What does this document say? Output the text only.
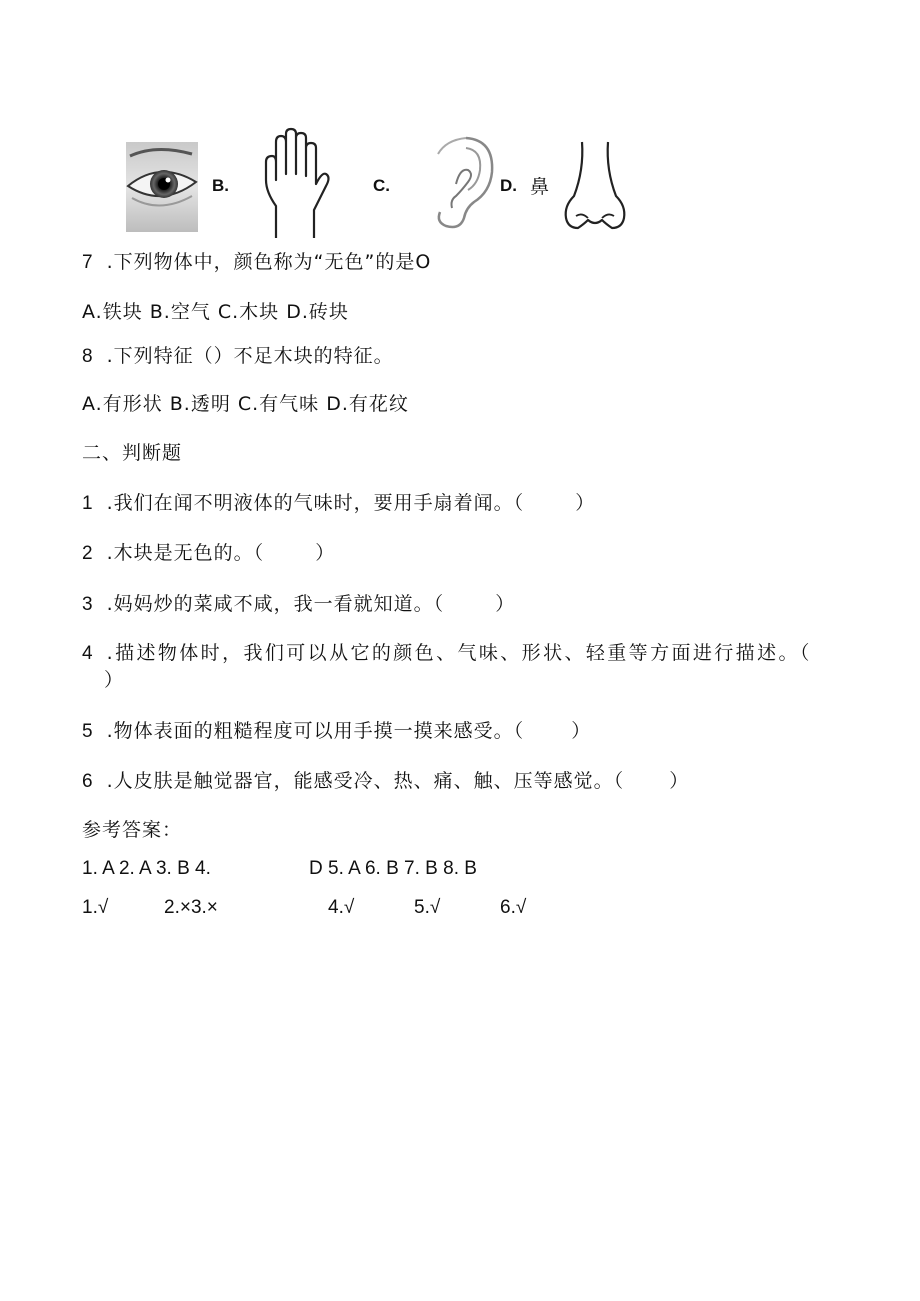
B.	C.	D. 鼻
7 .下列物体中，颜色称为“无色”的是O
A.铁块 B.空气 C.木块 D.砖块
8 .下列特征（）不足木块的特征。
A.有形状 B.透明 C.有气味 D.有花纹
二、判断题
1 .我们在闻不明液体的气味时，要用手扇着闻。（	）
2 .木块是无色的。（	）
3 .妈妈炒的菜咸不咸，我一看就知道。（	）
4 .描述物体时，我们可以从它的颜色、气味、形状、轻重等方面进行描述。（
）
5 .物体表面的粗糙程度可以用手摸一摸来感受。（ ）
6 .人皮肤是触觉器官，能感受冷、热、痛、触、压等感觉。（ ）
参考答案：
1. A 2. A 3. B 4.	D 5. A 6. B 7. B 8. B
1.√	2.×3.×	4.√	5.√	6.√
